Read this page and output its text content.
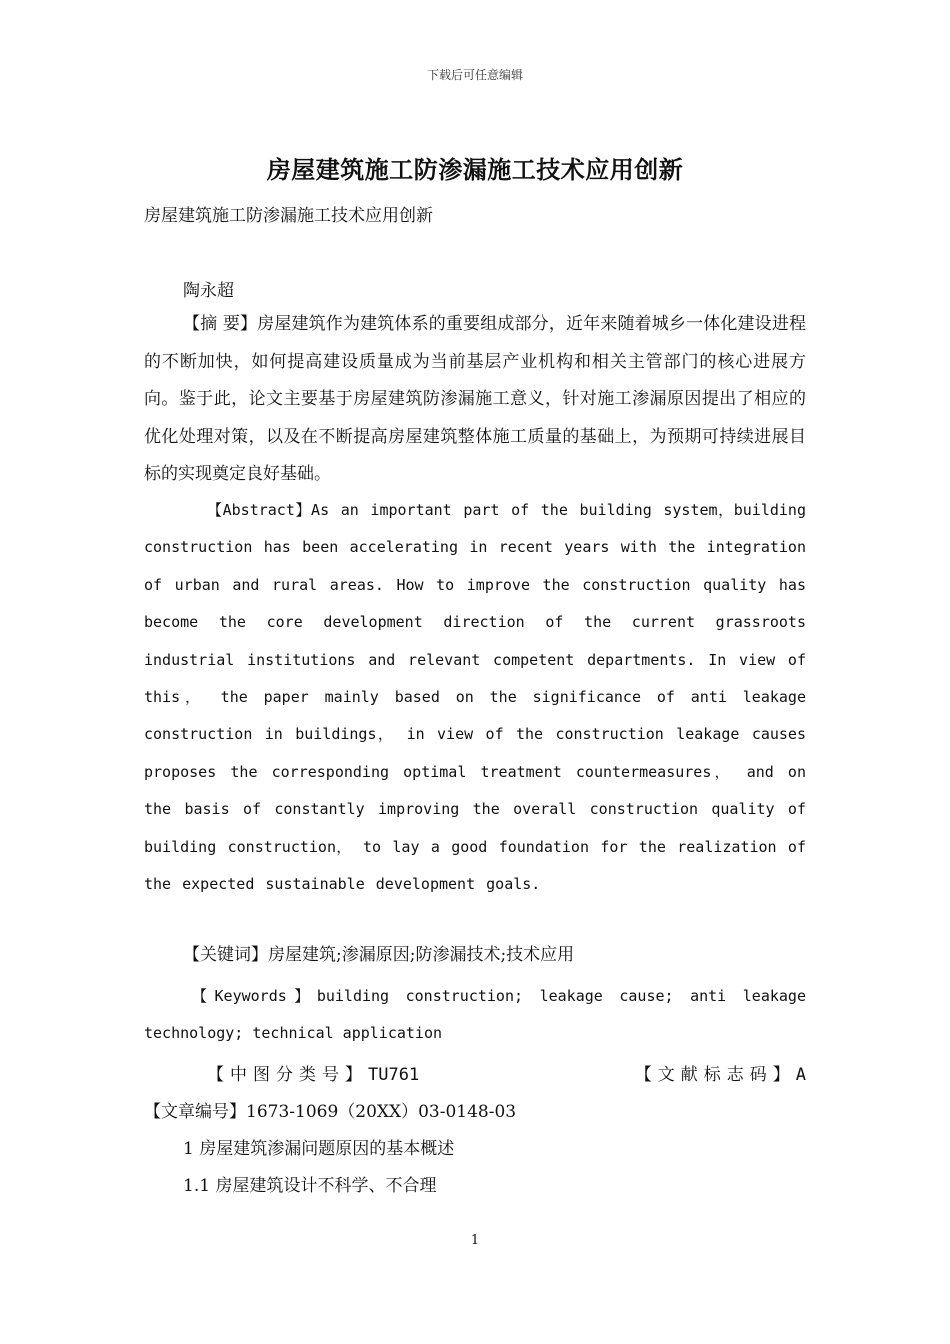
下载后可任意编辑
房屋建筑施工防渗漏施工技术应用创新
房屋建筑施工防渗漏施工技术应用创新
陶永超
【摘 要】房屋建筑作为建筑体系的重要组成部分，近年来随着城乡一体化建设进程的不断加快，如何提高建设质量成为当前基层产业机构和相关主管部门的核心进展方向。鉴于此，论文主要基于房屋建筑防渗漏施工意义，针对施工渗漏原因提出了相应的优化处理对策，以及在不断提高房屋建筑整体施工质量的基础上，为预期可持续进展目标的实现奠定良好基础。
【Abstract】As an important part of the building system，building construction has been accelerating in recent years with the integration of urban and rural areas. How to improve the construction quality has become the core development direction of the current grassroots industrial institutions and relevant competent departments. In view of this， the paper mainly based on the significance of anti leakage construction in buildings， in view of the construction leakage causes proposes the corresponding optimal treatment countermeasures， and on the basis of constantly improving the overall construction quality of building construction， to lay a good foundation for the realization of the expected sustainable development goals.
【关键词】房屋建筑;渗漏原因;防渗漏技术;技术应用
【Keywords】building construction; leakage cause; anti leakage technology; technical application
【中图分类号】TU761	【文献标志码】A
【文章编号】1673-1069（20XX）03-0148-03
1 房屋建筑渗漏问题原因的基本概述
1.1 房屋建筑设计不科学、不合理
1
